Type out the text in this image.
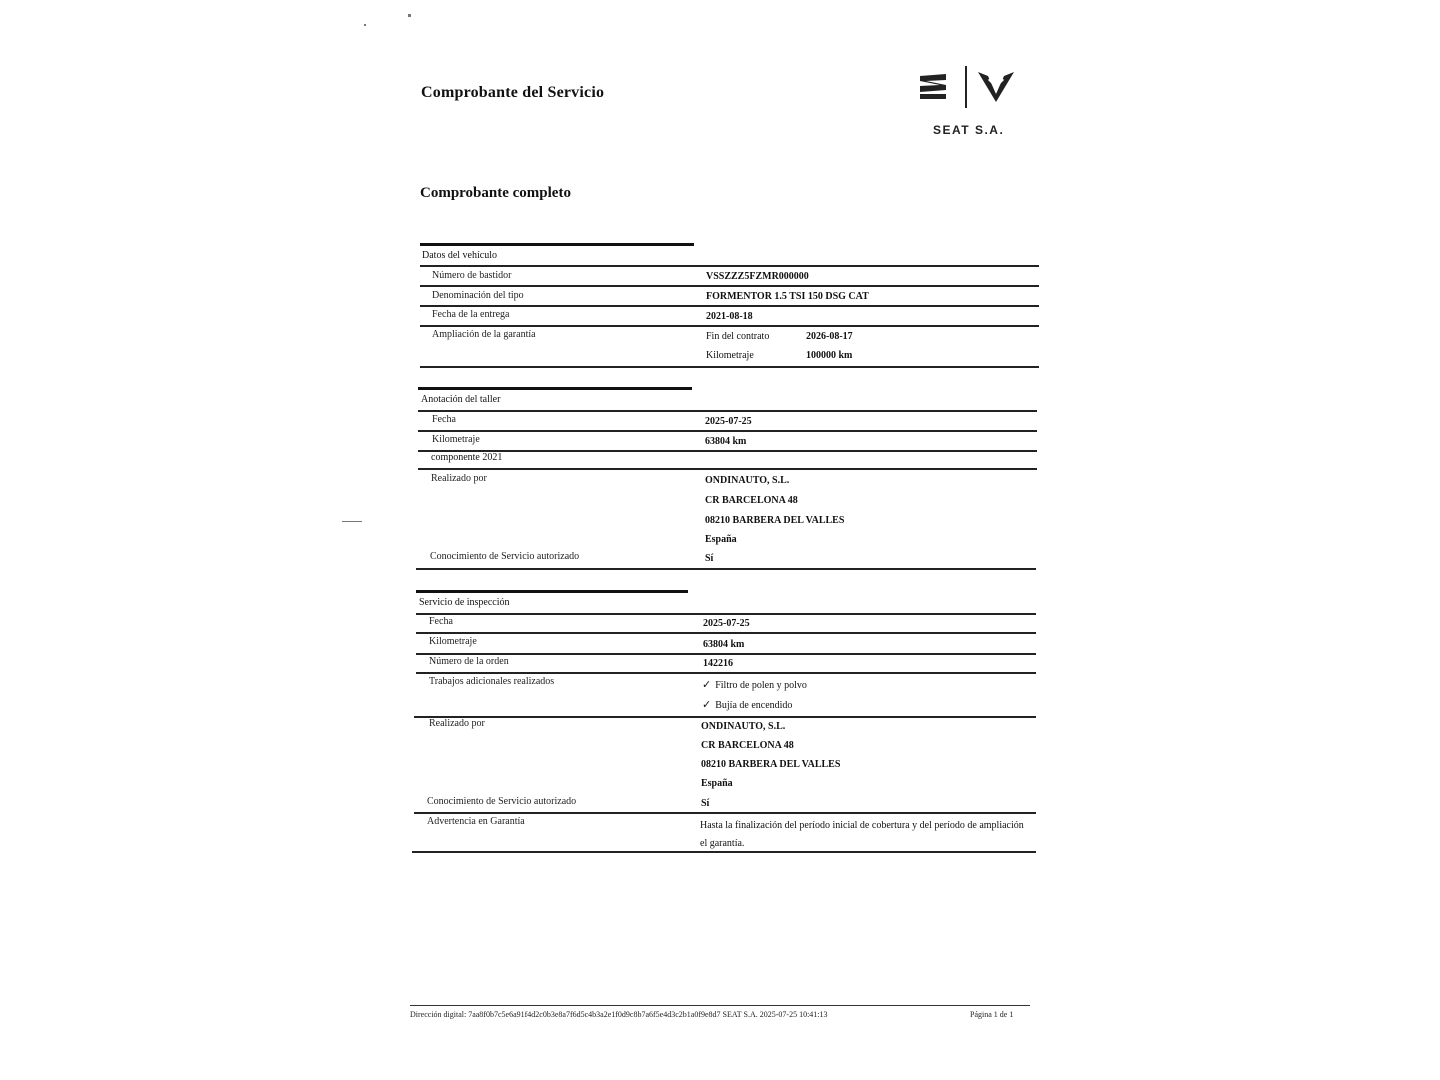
Comprobante del Servicio
SEAT S.A.
Comprobante completo
Datos del vehículo
Número de bastidor	VSSZZZ5FZMR000000
Denominación del tipo	FORMENTOR 1.5 TSI 150 DSG CAT
Fecha de la entrega	2021-08-18
Ampliación de la garantía	Fin del contrato	2026-08-17
Kilometraje	100000 km
Anotación del taller
Fecha	2025-07-25
Kilometraje	63804 km
componente 2021
Realizado por	ONDINAUTO, S.L.
CR BARCELONA 48
08210 BARBERA DEL VALLES
España
Conocimiento de Servicio autorizado	Sí
Servicio de inspección
Fecha	2025-07-25
Kilometraje	63804 km
Número de la orden	142216
Trabajos adicionales realizados	✓ Filtro de polen y polvo
✓ Bujía de encendido
Realizado por	ONDINAUTO, S.L.
CR BARCELONA 48
08210 BARBERA DEL VALLES
España
Conocimiento de Servicio autorizado	Sí
Advertencia en Garantía	Hasta la finalización del período inicial de cobertura y del período de ampliación
el garantía.
Dirección digital: 7aa8f0b7c5e6a91f4d2c0b3e8a7f6d5c4b3a2e1f0d9c8b7a6f5e4d3c2b1a0f9e8d7 SEAT S.A. 2025-07-25 10:41:13	Página 1 de 1
